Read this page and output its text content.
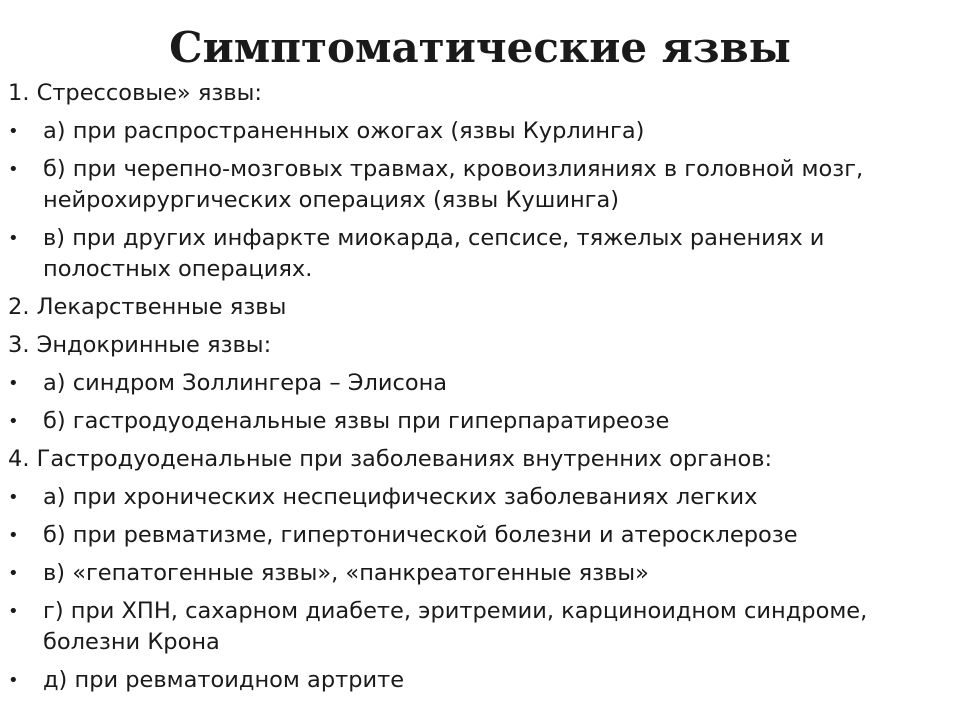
Симптоматические язвы

1. Стрессовые» язвы:

•	а) при распространенных ожогах (язвы Курлинга)

•	б) при черепно-мозговых травмах, кровоизлияниях в головной мозг, нейрохирургических операциях (язвы Кушинга)

•	в) при других инфаркте миокарда, сепсисе, тяжелых ранениях и полостных операциях.

2. Лекарственные язвы

3. Эндокринные язвы:

•	а) синдром Золлингера – Элисона

•	б) гастродуоденальные язвы при гиперпаратиреозе

4. Гастродуоденальные при заболеваниях внутренних органов:

•	а) при хронических неспецифических заболеваниях легких

•	б) при ревматизме, гипертонической болезни и атеросклерозе

•	в) «гепатогенные язвы», «панкреатогенные язвы»

•	г) при ХПН, сахарном диабете, эритремии, карциноидном синдроме, болезни Крона

•	д) при ревматоидном артрите
